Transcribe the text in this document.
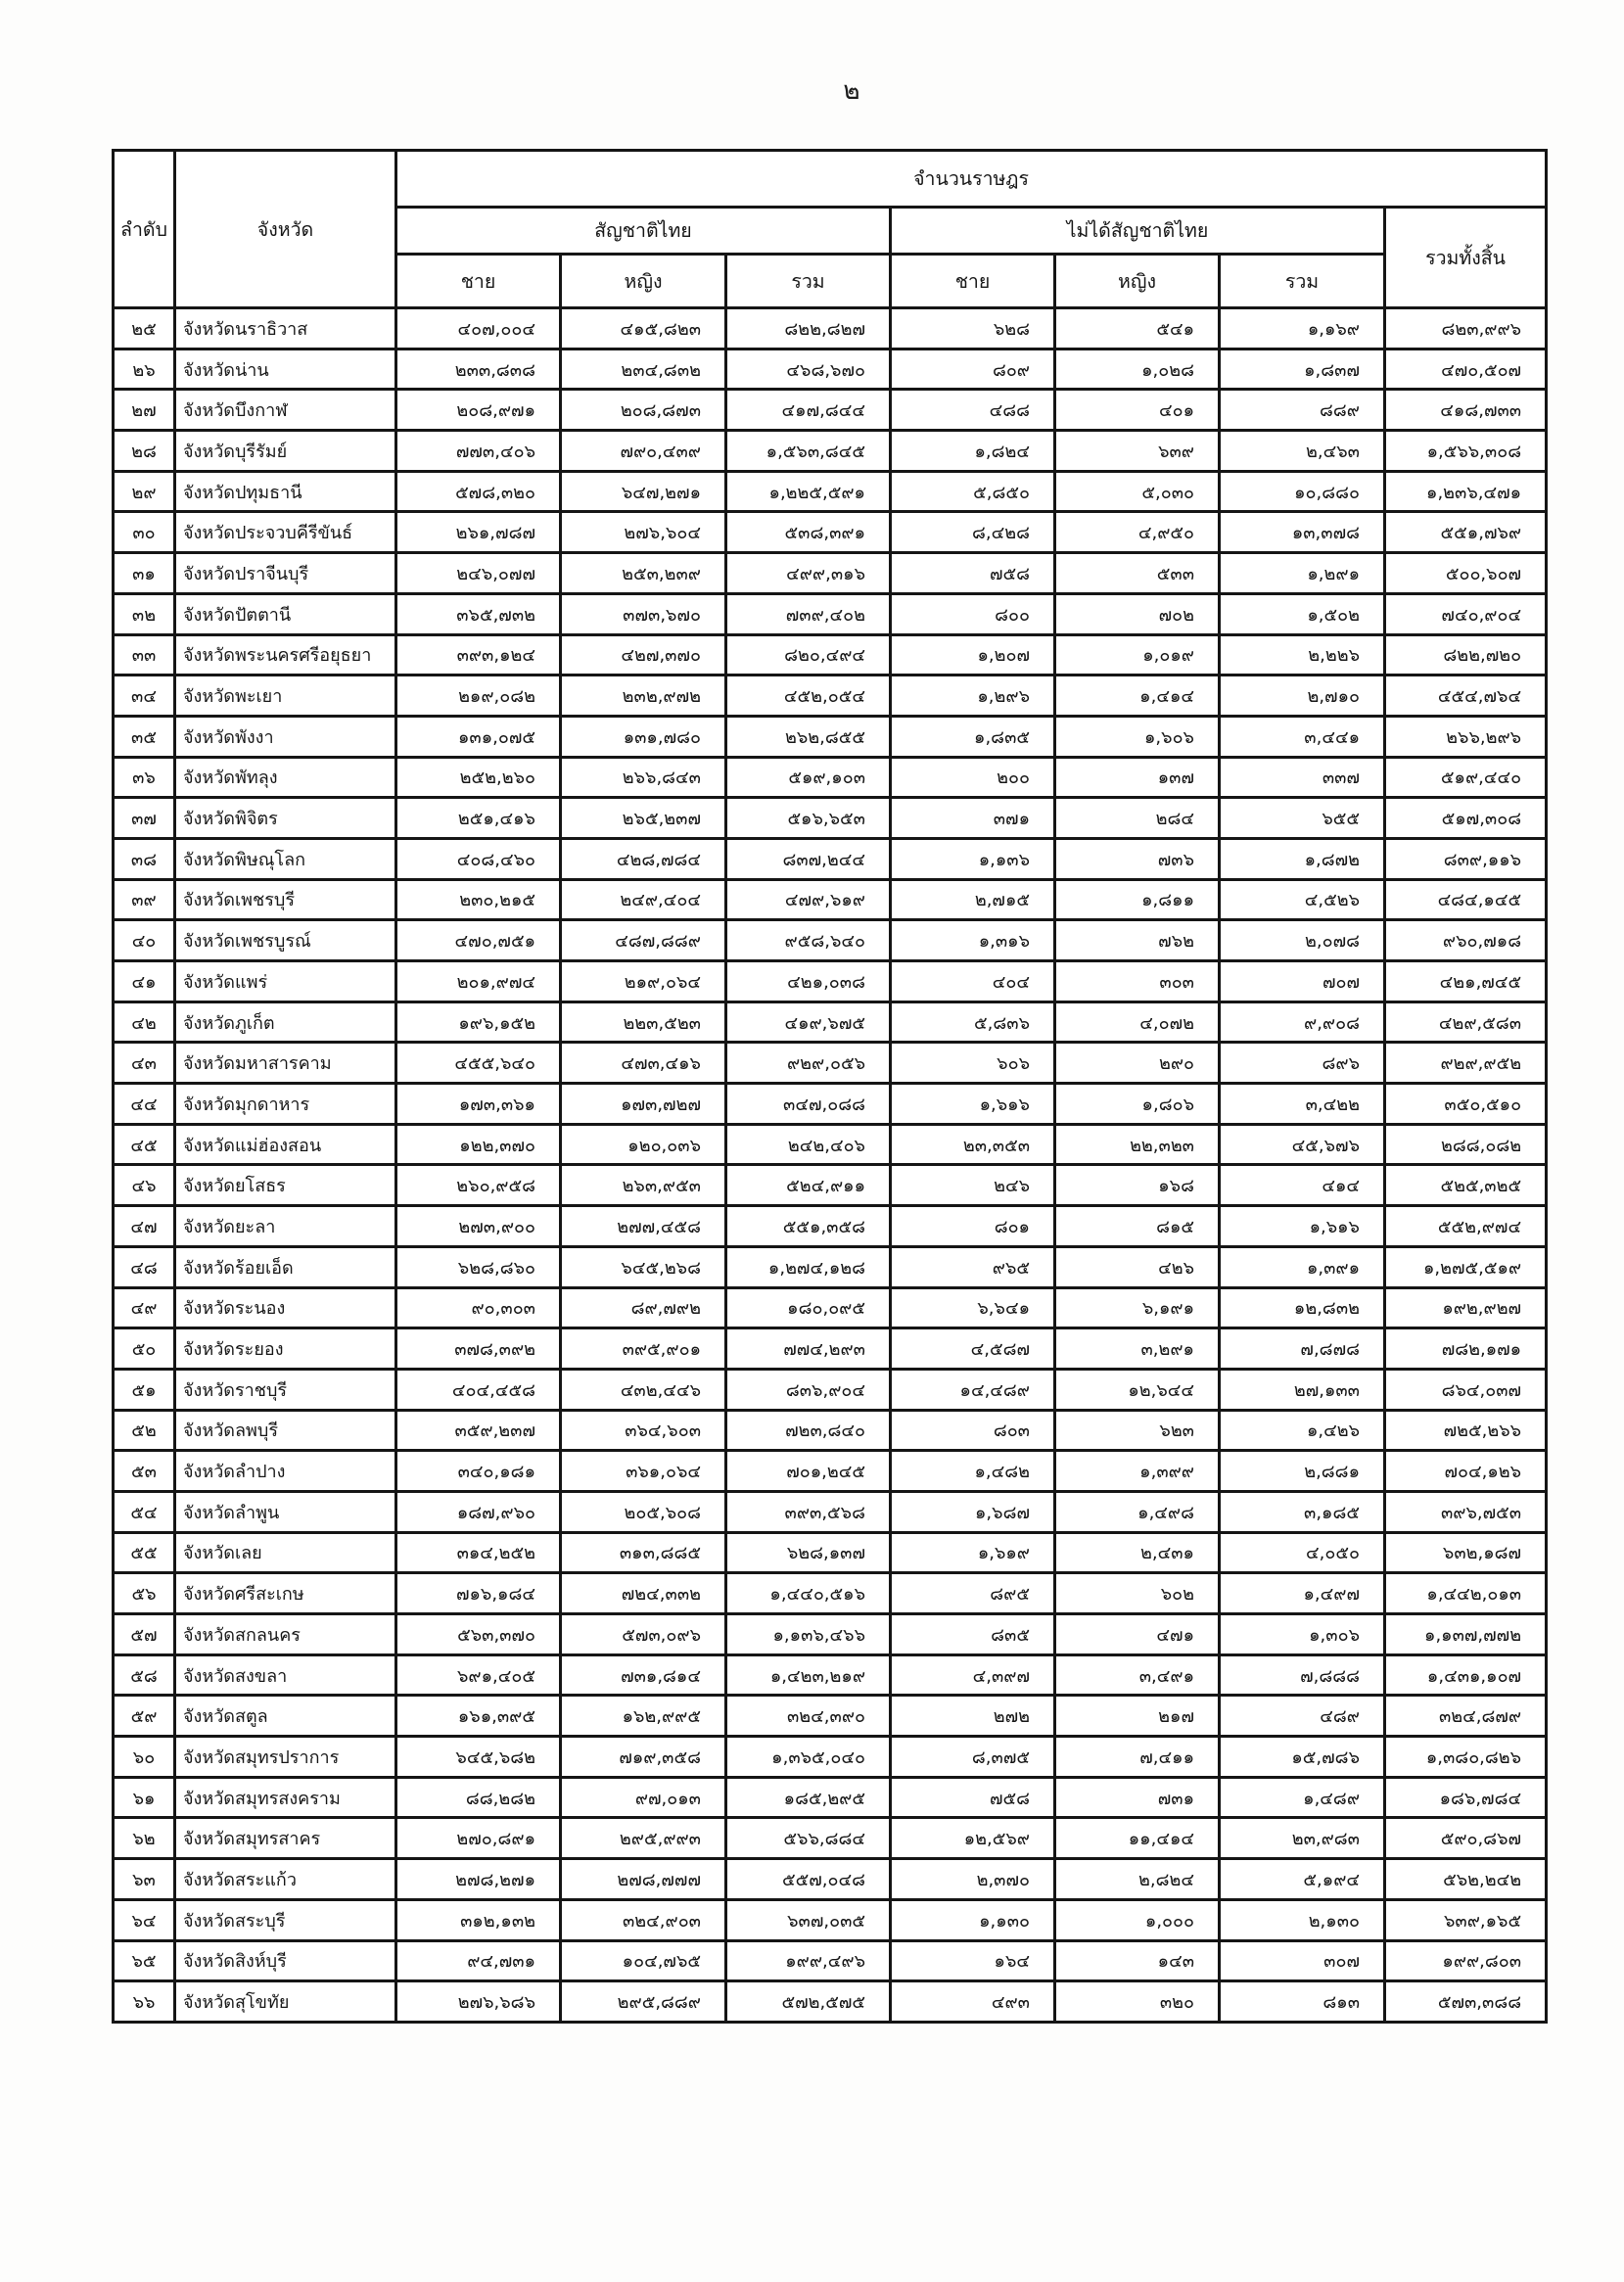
๒
ลำดับ	จังหวัด	จำนวนราษฎร						
		สัญชาติไทย			ไม่ได้สัญชาติไทย			รวมทั้งสิ้น
		ชาย	หญิง	รวม	ชาย	หญิง	รวม	
๒๕	จังหวัดนราธิวาส	๔๐๗,๐๐๔	๔๑๕,๘๒๓	๘๒๒,๘๒๗	๖๒๘	๕๔๑	๑,๑๖๙	๘๒๓,๙๙๖
๒๖	จังหวัดน่าน	๒๓๓,๘๓๘	๒๓๔,๘๓๒	๔๖๘,๖๗๐	๘๐๙	๑,๐๒๘	๑,๘๓๗	๔๗๐,๕๐๗
๒๗	จังหวัดบึงกาฬ	๒๐๘,๙๗๑	๒๐๘,๘๗๓	๔๑๗,๘๔๔	๔๘๘	๔๐๑	๘๘๙	๔๑๘,๗๓๓
๒๘	จังหวัดบุรีรัมย์	๗๗๓,๔๐๖	๗๙๐,๔๓๙	๑,๕๖๓,๘๔๕	๑,๘๒๔	๖๓๙	๒,๔๖๓	๑,๕๖๖,๓๐๘
๒๙	จังหวัดปทุมธานี	๕๗๘,๓๒๐	๖๔๗,๒๗๑	๑,๒๒๕,๕๙๑	๕,๘๕๐	๕,๐๓๐	๑๐,๘๘๐	๑,๒๓๖,๔๗๑
๓๐	จังหวัดประจวบคีรีขันธ์	๒๖๑,๗๘๗	๒๗๖,๖๐๔	๕๓๘,๓๙๑	๘,๔๒๘	๔,๙๕๐	๑๓,๓๗๘	๕๕๑,๗๖๙
๓๑	จังหวัดปราจีนบุรี	๒๔๖,๐๗๗	๒๕๓,๒๓๙	๔๙๙,๓๑๖	๗๕๘	๕๓๓	๑,๒๙๑	๕๐๐,๖๐๗
๓๒	จังหวัดปัตตานี	๓๖๕,๗๓๒	๓๗๓,๖๗๐	๗๓๙,๔๐๒	๘๐๐	๗๐๒	๑,๕๐๒	๗๔๐,๙๐๔
๓๓	จังหวัดพระนครศรีอยุธยา	๓๙๓,๑๒๔	๔๒๗,๓๗๐	๘๒๐,๔๙๔	๑,๒๐๗	๑,๐๑๙	๒,๒๒๖	๘๒๒,๗๒๐
๓๔	จังหวัดพะเยา	๒๑๙,๐๘๒	๒๓๒,๙๗๒	๔๕๒,๐๕๔	๑,๒๙๖	๑,๔๑๔	๒,๗๑๐	๔๕๔,๗๖๔
๓๕	จังหวัดพังงา	๑๓๑,๐๗๕	๑๓๑,๗๘๐	๒๖๒,๘๕๕	๑,๘๓๕	๑,๖๐๖	๓,๔๔๑	๒๖๖,๒๙๖
๓๖	จังหวัดพัทลุง	๒๕๒,๒๖๐	๒๖๖,๘๔๓	๕๑๙,๑๐๓	๒๐๐	๑๓๗	๓๓๗	๕๑๙,๔๔๐
๓๗	จังหวัดพิจิตร	๒๕๑,๔๑๖	๒๖๕,๒๓๗	๕๑๖,๖๕๓	๓๗๑	๒๘๔	๖๕๕	๕๑๗,๓๐๘
๓๘	จังหวัดพิษณุโลก	๔๐๘,๔๖๐	๔๒๘,๗๘๔	๘๓๗,๒๔๔	๑,๑๓๖	๗๓๖	๑,๘๗๒	๘๓๙,๑๑๖
๓๙	จังหวัดเพชรบุรี	๒๓๐,๒๑๕	๒๔๙,๔๐๔	๔๗๙,๖๑๙	๒,๗๑๕	๑,๘๑๑	๔,๕๒๖	๔๘๔,๑๔๕
๔๐	จังหวัดเพชรบูรณ์	๔๗๐,๗๕๑	๔๘๗,๘๘๙	๙๕๘,๖๔๐	๑,๓๑๖	๗๖๒	๒,๐๗๘	๙๖๐,๗๑๘
๔๑	จังหวัดแพร่	๒๐๑,๙๗๔	๒๑๙,๐๖๔	๔๒๑,๐๓๘	๔๐๔	๓๐๓	๗๐๗	๔๒๑,๗๔๕
๔๒	จังหวัดภูเก็ต	๑๙๖,๑๕๒	๒๒๓,๕๒๓	๔๑๙,๖๗๕	๕,๘๓๖	๔,๐๗๒	๙,๙๐๘	๔๒๙,๕๘๓
๔๓	จังหวัดมหาสารคาม	๔๕๕,๖๔๐	๔๗๓,๔๑๖	๙๒๙,๐๕๖	๖๐๖	๒๙๐	๘๙๖	๙๒๙,๙๕๒
๔๔	จังหวัดมุกดาหาร	๑๗๓,๓๖๑	๑๗๓,๗๒๗	๓๔๗,๐๘๘	๑,๖๑๖	๑,๘๐๖	๓,๔๒๒	๓๕๐,๕๑๐
๔๕	จังหวัดแม่ฮ่องสอน	๑๒๒,๓๗๐	๑๒๐,๐๓๖	๒๔๒,๔๐๖	๒๓,๓๕๓	๒๒,๓๒๓	๔๕,๖๗๖	๒๘๘,๐๘๒
๔๖	จังหวัดยโสธร	๒๖๐,๙๕๘	๒๖๓,๙๕๓	๕๒๔,๙๑๑	๒๔๖	๑๖๘	๔๑๔	๕๒๕,๓๒๕
๔๗	จังหวัดยะลา	๒๗๓,๙๐๐	๒๗๗,๔๕๘	๕๕๑,๓๕๘	๘๐๑	๘๑๕	๑,๖๑๖	๕๕๒,๙๗๔
๔๘	จังหวัดร้อยเอ็ด	๖๒๘,๘๖๐	๖๔๕,๒๖๘	๑,๒๗๔,๑๒๘	๙๖๕	๔๒๖	๑,๓๙๑	๑,๒๗๕,๕๑๙
๔๙	จังหวัดระนอง	๙๐,๓๐๓	๘๙,๗๙๒	๑๘๐,๐๙๕	๖,๖๔๑	๖,๑๙๑	๑๒,๘๓๒	๑๙๒,๙๒๗
๕๐	จังหวัดระยอง	๓๗๘,๓๙๒	๓๙๕,๙๐๑	๗๗๔,๒๙๓	๔,๕๘๗	๓,๒๙๑	๗,๘๗๘	๗๘๒,๑๗๑
๕๑	จังหวัดราชบุรี	๔๐๔,๔๕๘	๔๓๒,๔๔๖	๘๓๖,๙๐๔	๑๔,๔๘๙	๑๒,๖๔๔	๒๗,๑๓๓	๘๖๔,๐๓๗
๕๒	จังหวัดลพบุรี	๓๕๙,๒๓๗	๓๖๔,๖๐๓	๗๒๓,๘๔๐	๘๐๓	๖๒๓	๑,๔๒๖	๗๒๕,๒๖๖
๕๓	จังหวัดลำปาง	๓๔๐,๑๘๑	๓๖๑,๐๖๔	๗๐๑,๒๔๕	๑,๔๘๒	๑,๓๙๙	๒,๘๘๑	๗๐๔,๑๒๖
๕๔	จังหวัดลำพูน	๑๘๗,๙๖๐	๒๐๕,๖๐๘	๓๙๓,๕๖๘	๑,๖๘๗	๑,๔๙๘	๓,๑๘๕	๓๙๖,๗๕๓
๕๕	จังหวัดเลย	๓๑๔,๒๕๒	๓๑๓,๘๘๕	๖๒๘,๑๓๗	๑,๖๑๙	๒,๔๓๑	๔,๐๕๐	๖๓๒,๑๘๗
๕๖	จังหวัดศรีสะเกษ	๗๑๖,๑๘๔	๗๒๔,๓๓๒	๑,๔๔๐,๕๑๖	๘๙๕	๖๐๒	๑,๔๙๗	๑,๔๔๒,๐๑๓
๕๗	จังหวัดสกลนคร	๕๖๓,๓๗๐	๕๗๓,๐๙๖	๑,๑๓๖,๔๖๖	๘๓๕	๔๗๑	๑,๓๐๖	๑,๑๓๗,๗๗๒
๕๘	จังหวัดสงขลา	๖๙๑,๔๐๕	๗๓๑,๘๑๔	๑,๔๒๓,๒๑๙	๔,๓๙๗	๓,๔๙๑	๗,๘๘๘	๑,๔๓๑,๑๐๗
๕๙	จังหวัดสตูล	๑๖๑,๓๙๕	๑๖๒,๙๙๕	๓๒๔,๓๙๐	๒๗๒	๒๑๗	๔๘๙	๓๒๔,๘๗๙
๖๐	จังหวัดสมุทรปราการ	๖๔๕,๖๘๒	๗๑๙,๓๕๘	๑,๓๖๕,๐๔๐	๘,๓๗๕	๗,๔๑๑	๑๕,๗๘๖	๑,๓๘๐,๘๒๖
๖๑	จังหวัดสมุทรสงคราม	๘๘,๒๘๒	๙๗,๐๑๓	๑๘๕,๒๙๕	๗๕๘	๗๓๑	๑,๔๘๙	๑๘๖,๗๘๔
๖๒	จังหวัดสมุทรสาคร	๒๗๐,๘๙๑	๒๙๕,๙๙๓	๕๖๖,๘๘๔	๑๒,๕๖๙	๑๑,๔๑๔	๒๓,๙๘๓	๕๙๐,๘๖๗
๖๓	จังหวัดสระแก้ว	๒๗๘,๒๗๑	๒๗๘,๗๗๗	๕๕๗,๐๔๘	๒,๓๗๐	๒,๘๒๔	๕,๑๙๔	๕๖๒,๒๔๒
๖๔	จังหวัดสระบุรี	๓๑๒,๑๓๒	๓๒๔,๙๐๓	๖๓๗,๐๓๕	๑,๑๓๐	๑,๐๐๐	๒,๑๓๐	๖๓๙,๑๖๕
๖๕	จังหวัดสิงห์บุรี	๙๔,๗๓๑	๑๐๔,๗๖๕	๑๙๙,๔๙๖	๑๖๔	๑๔๓	๓๐๗	๑๙๙,๘๐๓
๖๖	จังหวัดสุโขทัย	๒๗๖,๖๘๖	๒๙๕,๘๘๙	๕๗๒,๕๗๕	๔๙๓	๓๒๐	๘๑๓	๕๗๓,๓๘๘
